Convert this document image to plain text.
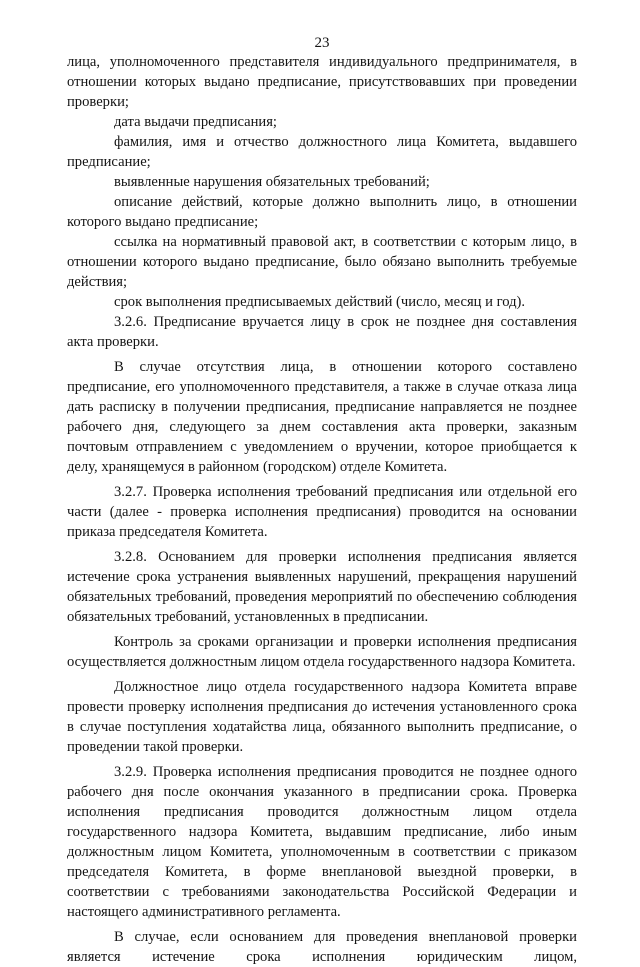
23

лица, уполномоченного представителя индивидуального предпринимателя, в отношении которых выдано предписание, присутствовавших при проведении проверки;

дата выдачи предписания;

фамилия, имя и отчество должностного лица Комитета, выдавшего предписание;

выявленные нарушения обязательных требований;

описание действий, которые должно выполнить лицо, в отношении которого выдано предписание;

ссылка на нормативный правовой акт, в соответствии с которым лицо, в отношении которого выдано предписание, было обязано выполнить требуемые действия;

срок выполнения предписываемых действий (число, месяц и год).

3.2.6. Предписание вручается лицу в срок не позднее дня составления акта проверки.

В случае отсутствия лица, в отношении которого составлено предписание, его уполномоченного представителя, а также в случае отказа лица дать расписку в получении предписания, предписание направляется не позднее рабочего дня, следующего за днем составления акта проверки, заказным почтовым отправлением с уведомлением о вручении, которое приобщается к делу, хранящемуся в районном (городском) отделе Комитета.

3.2.7. Проверка исполнения требований предписания или отдельной его части (далее - проверка исполнения предписания) проводится на основании приказа председателя Комитета.

3.2.8. Основанием для проверки исполнения предписания является истечение срока устранения выявленных нарушений, прекращения нарушений обязательных требований, проведения мероприятий по обеспечению соблюдения обязательных требований, установленных в предписании.

Контроль за сроками организации и проверки исполнения предписания осуществляется должностным лицом отдела государственного надзора Комитета.

Должностное лицо отдела государственного надзора Комитета вправе провести проверку исполнения предписания до истечения установленного срока в случае поступления ходатайства лица, обязанного выполнить предписание, о проведении такой проверки.

3.2.9. Проверка исполнения предписания проводится не позднее одного рабочего дня после окончания указанного в предписании срока. Проверка исполнения предписания проводится должностным лицом отдела государственного надзора Комитета, выдавшим предписание, либо иным должностным лицом Комитета, уполномоченным в соответствии с приказом председателя Комитета, в форме внеплановой выездной проверки, в соответствии с требованиями законодательства Российской Федерации и настоящего административного регламента.

В случае, если основанием для проведения внеплановой проверки является истечение срока исполнения юридическим лицом,
